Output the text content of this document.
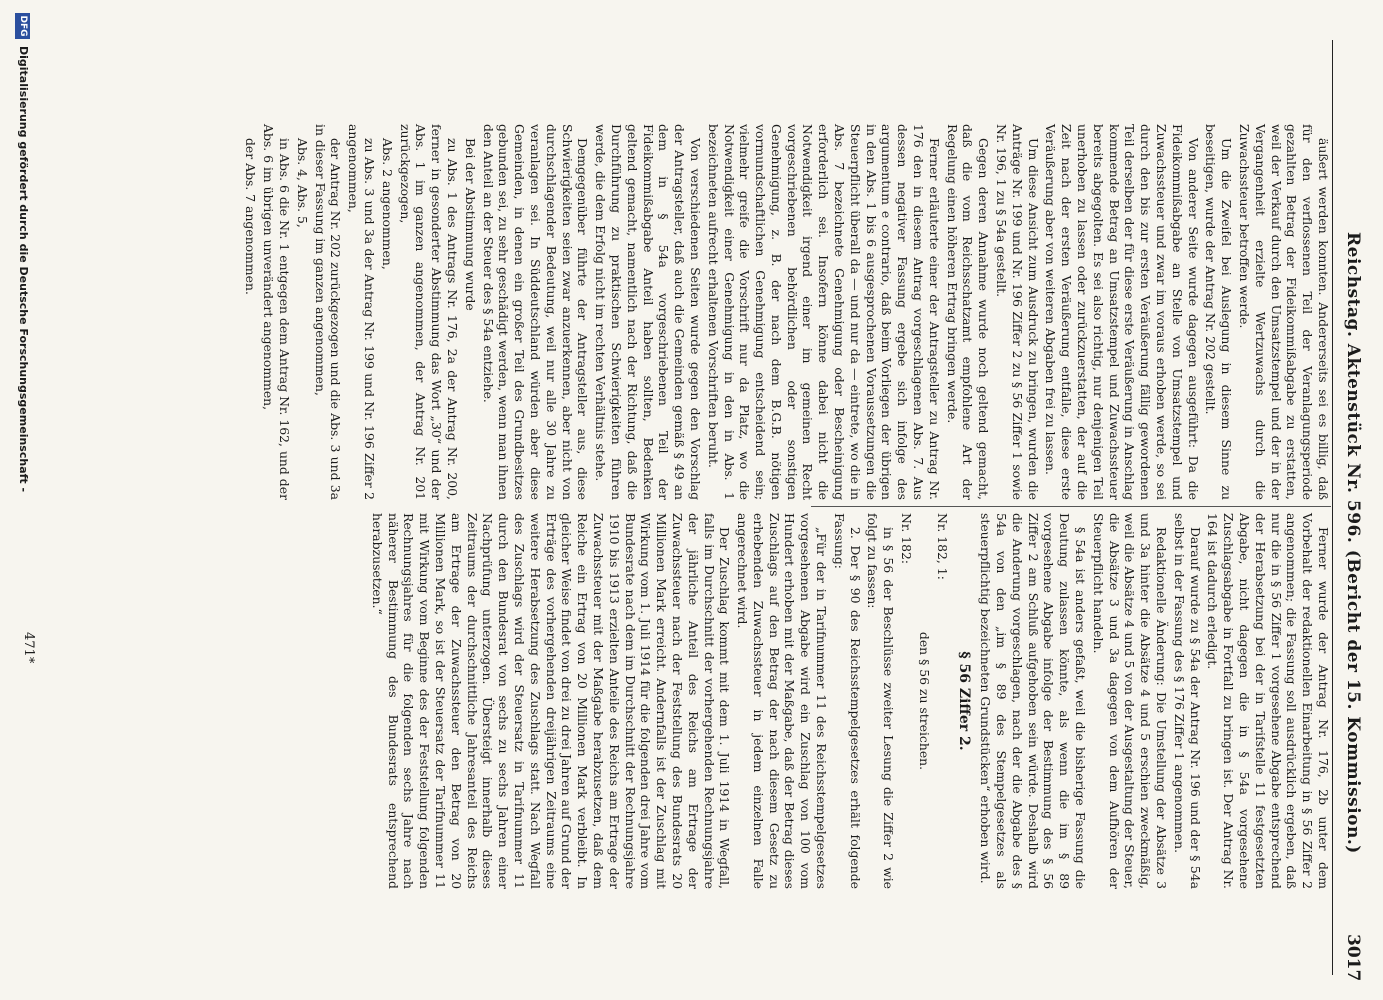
Reichstag. Aktenstück Nr. 596. (Bericht der 15. Kommission.)
3017

äußert werden konnten. Andererseits sei es billig, daß für den verflossenen Teil der Veranlagungsperiode gezahlten Betrag der Fideikommißabgabe zu erstatten, weil der Verkauf durch den Umsatzstempel und der in der Vergangenheit erzielte Wertzuwachs durch die Zuwachssteuer betroffen werde.

Um die Zweifel bei Auslegung in diesem Sinne zu beseitigen, wurde der Antrag Nr. 202 gestellt.

Von anderer Seite wurde dagegen ausgeführt: Da die Fideikommißabgabe an Stelle von Umsatzstempel und Zuwachssteuer und zwar im voraus erhoben werde, so sei durch den bis zur ersten Veräußerung fällig gewordenen Teil derselben der für diese erste Veräußerung in Anschlag kommende Betrag an Umsatzstempel und Zuwachssteuer bereits abgegolten. Es sei also richtig, nur denjenigen Teil unerhoben zu lassen oder zurückzuerstatten, der auf die Zeit nach der ersten Veräußerung entfalle, diese erste Veräußerung aber von weiteren Abgaben frei zu lassen.

Um diese Ansicht zum Ausdruck zu bringen, wurden die Anträge Nr. 199 und Nr. 196 Ziffer 2 zu § 56 Ziffer 1 sowie Nr. 196, 1 zu § 54a gestellt.

Gegen deren Annahme wurde noch geltend gemacht, daß die vom Reichsschatzamt empfohlene Art der Regelung einen höheren Ertrag bringen werde.

Ferner erläuterte einer der Antragsteller zu Antrag Nr. 176 den in diesem Antrag vorgeschlagenen Abs. 7. Aus dessen negativer Fassung ergebe sich infolge des argumentum e contrario, daß beim Vorliegen der übrigen in den Abs. 1 bis 6 ausgesprochenen Voraussetzungen die Steuerpflicht überall da — und nur da — eintrete, wo die in Abs. 7 bezeichnete Genehmigung oder Bescheinigung erforderlich sei. Insofern könne dabei nicht die Notwendigkeit irgend einer im gemeinen Recht vorgeschriebenen behördlichen oder sonstigen Genehmigung, z. B. der nach dem B.G.B. nötigen vormundschaftlichen Genehmigung entscheidend sein; vielmehr greife die Vorschrift nur da Platz, wo die Notwendigkeit einer Genehmigung in den in Abs. 1 bezeichneten aufrecht erhaltenen Vorschriften beruht.

Von verschiedenen Seiten wurde gegen den Vorschlag der Antragsteller, daß auch die Gemeinden gemäß § 49 an dem in § 54a vorgeschriebenen Teil der Fideikommißabgabe Anteil haben sollten, Bedenken geltend gemacht, namentlich nach der Richtung, daß die Durchführung zu praktischen Schwierigkeiten führen werde, die dem Erfolg nicht im rechten Verhältnis stehe.

Demgegenüber führte der Antragsteller aus, diese Schwierigkeiten seien zwar anzuerkennen, aber nicht von durchschlagender Bedeutung, weil nur alle 30 Jahre zu veranlagen sei. In Süddeutschland würden aber diese Gemeinden, in denen ein großer Teil des Grundbesitzes gebunden sei, zu sehr geschädigt werden, wenn man ihnen den Anteil an der Steuer des § 54a entziehe.

Bei der Abstimmung wurde

zu Abs. 1 des Antrags Nr. 176, 2a der Antrag Nr. 200, ferner in gesonderter Abstimmung das Wort „30“ und der Abs. 1 im ganzen angenommen, der Antrag Nr. 201 zurückgezogen,

Abs. 2 angenommen,

zu Abs. 3 und 3a der Antrag Nr. 199 und Nr. 196 Ziffer 2 angenommen,

der Antrag Nr. 202 zurückgezogen und die Abs. 3 und 3a in dieser Fassung im ganzen angenommen,

Abs. 4, Abs. 5,

in Abs. 6 die Nr. 1 entgegen dem Antrag Nr. 162, und der Abs. 6 im übrigen unverändert angenommen,

der Abs. 7 angenommen.

Ferner wurde der Antrag Nr. 176, 2b unter dem Vorbehalt der redaktionellen Einarbeitung in § 56 Ziffer 2 angenommen; die Fassung soll ausdrücklich ergeben, daß nur die in § 56 Ziffer 1 vorgesehene Abgabe entsprechend der Herabsetzung bei der in Tarifstelle 11 festgesetzten Abgabe, nicht dagegen die in § 54a vorgesehene Zuschlagsabgabe in Fortfall zu bringen ist. Der Antrag Nr. 164 ist dadurch erledigt.

Darauf wurde zu § 54a der Antrag Nr. 196 und der § 54a selbst in der Fassung des § 176 Ziffer 1 angenommen.

Redaktionelle Änderung: Die Umstellung der Absätze 3 und 3a hinter die Absätze 4 und 5 erschien zweckmäßig, weil die Absätze 4 und 5 von der Ausgestaltung der Steuer, die Absätze 3 und 3a dagegen von dem Aufhören der Steuerpflicht handeln.

§ 54a ist anders gefaßt, weil die bisherige Fassung die Deutung zulassen könnte, als wenn die im § 89 vorgesehene Abgabe infolge der Bestimmung des § 56 Ziffer 2 am Schluß aufgehoben sein würde. Deshalb wird die Anderung vorgeschlagen, nach der die Abgabe des § 54a von den „im § 89 des Stempelgesetzes als steuerpflichtig bezeichneten Grundstücken“ erhoben wird.

§ 56 Ziffer 2.

Nr. 182, 1:

den § 56 zu streichen.

Nr. 182:

in § 56 der Beschlüsse zweiter Lesung die Ziffer 2 wie folgt zu fassen:

2. Der § 90 des Reichsstempelgesetzes erhält folgende Fassung:

„Für der in Tarifnummer 11 des Reichsstempelgesetzes vorgesehenen Abgabe wird ein Zuschlag von 100 vom Hundert erhoben mit der Maßgabe, daß der Betrag dieses Zuschlags auf den Betrag der nach diesem Gesetz zu erhebenden Zuwachssteuer in jedem einzelnen Falle angerechnet wird.

Der Zuschlag kommt mit dem 1. Juli 1914 in Wegfall, falls im Durchschnitt der vorhergehenden Rechnungsjahre der jährliche Anteil des Reichs am Ertrage der Zuwachssteuer nach der Feststellung des Bundesrats 20 Millionen Mark erreicht. Andernfalls ist der Zuschlag mit Wirkung vom 1. Juli 1914 für die folgenden drei Jahre vom Bundesrate nach dem im Durchschnitt der Rechnungsjahre 1910 bis 1913 erzielten Anteile des Reichs am Ertrage der Zuwachssteuer mit der Maßgabe herabzusetzen, daß dem Reiche ein Ertrag von 20 Millionen Mark verbleibt. In gleicher Weise findet von drei zu drei Jahren auf Grund der Erträge des vorhergehenden dreijährigen Zeitraums eine weitere Herabsetzung des Zuschlags statt. Nach Wegfall des Zuschlags wird der Steuersatz in Tarifnummer 11 durch den Bundesrat von sechs zu sechs Jahren einer Nachprüfung unterzogen. Übersteigt innerhalb dieses Zeitraums der durchschnittliche Jahresanteil des Reichs am Ertrage der Zuwachssteuer den Betrag von 20 Millionen Mark, so ist der Steuersatz der Tarifnummer 11 mit Wirkung vom Beginne des der Feststellung folgenden Rechnungsjahres für die folgenden sechs Jahre nach näherer Bestimmung des Bundesrats entsprechend herabzusetzen.“

DFG
Digitalisierung gefördert durch die Deutsche Forschungsgemeinschaft -
471*
